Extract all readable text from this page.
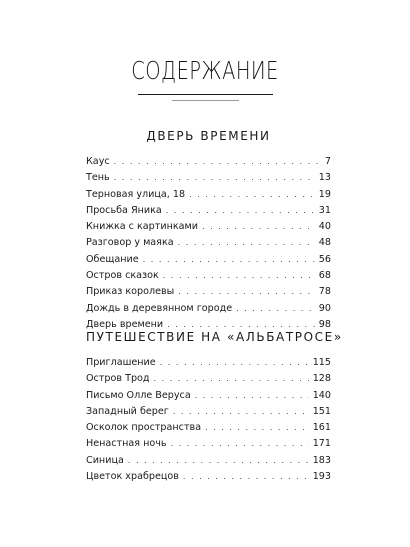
СОДЕРЖАНИЕ
ДВЕРЬ ВРЕМЕНИ
Каус . . .	7
Тень . . .	13
Терновая улица, 18 . . .	19
Просьба Яника . . .	31
Книжка с картинками . . .	40
Разговор у маяка . . .	48
Обещание . . .	56
Остров сказок . . .	68
Приказ королевы . . .	78
Дождь в деревянном городе . . .	90
Дверь времени . . .	98
ПУТЕШЕСТВИЕ НА «АЛЬБАТРОСЕ»
Приглашение . . .	115
Остров Трод . . .	128
Письмо Олле Веруса . . .	140
Западный берег . . .	151
Осколок пространства . . .	161
Ненастная ночь . . .	171
Синица . . .	183
Цветок храбрецов . . .	193
